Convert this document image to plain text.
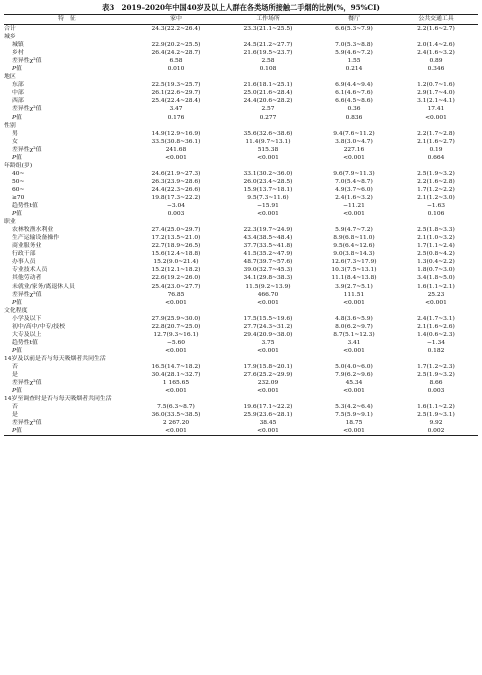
表3　2019–2020年中国40岁及以上人群在各类场所接触二手烟的比例(%，95%CI)
特　征	家中	工作场所	餐厅	公共交通工具
合计	24.3(22.2~26.4)	23.3(21.1~25.5)	6.6(5.3~7.9)	2.2(1.6~2.7)
城乡				
城镇	22.9(20.2~25.5)	24.5(21.2~27.7)	7.0(5.3~8.8)	2.0(1.4~2.6)
乡村	26.4(24.2~28.7)	21.6(19.5~23.7)	5.9(4.6~7.2)	2.4(1.6~3.2)
差异性χ²值	6.58	2.58	1.55	0.89
P值	0.010	0.108	0.214	0.346
地区				
东部	22.5(19.3~25.7)	21.6(18.1~25.1)	6.9(4.4~9.4)	1.2(0.7~1.6)
中部	26.1(22.6~29.7)	25.0(21.6~28.4)	6.1(4.6~7.6)	2.9(1.7~4.0)
西部	25.4(22.4~28.4)	24.4(20.6~28.2)	6.6(4.5~8.6)	3.1(2.1~4.1)
差异性χ²值	3.47	2.57	0.36	17.41
P值	0.176	0.277	0.836	<0.001
性别				
男	14.9(12.9~16.9)	35.6(32.6~38.6)	9.4(7.6~11.2)	2.2(1.7~2.8)
女	33.5(30.8~36.1)	11.4(9.7~13.1)	3.8(3.0~4.7)	2.1(1.6~2.7)
差异性χ²值	241.68	515.38	227.16	0.19
P值	<0.001	<0.001	<0.001	0.664
年龄组(岁)				
40~	24.6(21.9~27.3)	33.1(30.2~36.0)	9.6(7.9~11.3)	2.5(1.9~3.2)
50~	26.3(23.9~28.6)	26.0(23.4~28.5)	7.0(5.4~8.7)	2.2(1.6~2.8)
60~	24.4(22.3~26.6)	15.9(13.7~18.1)	4.9(3.7~6.0)	1.7(1.2~2.2)
≥70	19.8(17.3~22.2)	9.5(7.3~11.6)	2.4(1.6~3.2)	2.1(1.2~3.0)
趋势性t值	−3.04	−15.91	−11.21	−1.63
P值	0.003	<0.001	<0.001	0.106
职业				
农林牧渔水利业	27.4(25.0~29.7)	22.3(19.7~24.9)	5.9(4.7~7.2)	2.5(1.8~3.3)
生产运输设备操作	17.2(13.5~21.0)	43.4(38.5~48.4)	8.9(6.8~11.0)	2.1(1.0~3.2)
商业服务业	22.7(18.9~26.5)	37.7(33.5~41.8)	9.5(6.4~12.6)	1.7(1.1~2.4)
行政干部	15.6(12.4~18.8)	41.5(35.2~47.9)	9.0(3.8~14.3)	2.5(0.8~4.2)
办事人员	15.2(9.0~21.4)	48.7(39.7~57.6)	12.6(7.3~17.9)	1.3(0.4~2.2)
专业技术人员	15.2(12.1~18.2)	39.0(32.7~45.3)	10.3(7.5~13.1)	1.8(0.7~3.0)
其他劳动者	22.6(19.2~26.0)	34.1(29.8~38.3)	11.1(8.4~13.8)	3.4(1.8~5.0)
未就业/家务/离退休人员	25.4(23.0~27.7)	11.5(9.2~13.9)	3.9(2.7~5.1)	1.6(1.1~2.1)
差异性χ²值	76.85	466.70	111.51	25.23
P值	<0.001	<0.001	<0.001	<0.001
文化程度				
小学及以下	27.9(25.9~30.0)	17.5(15.5~19.6)	4.8(3.6~5.9)	2.4(1.7~3.1)
初中/高中/中专/技校	22.8(20.7~25.0)	27.7(24.3~31.2)	8.0(6.2~9.7)	2.1(1.6~2.6)
大专及以上	12.7(9.3~16.1)	29.4(20.9~38.0)	8.7(5.1~12.3)	1.4(0.6~2.3)
趋势性t值	−5.60	3.75	3.41	−1.34
P值	<0.001	<0.001	<0.001	0.182
14岁及以前是否与每天吸烟者共同生活				
否	16.5(14.7~18.2)	17.9(15.8~20.1)	5.0(4.0~6.0)	1.7(1.2~2.3)
是	30.4(28.1~32.7)	27.6(25.2~29.9)	7.9(6.2~9.6)	2.5(1.9~3.2)
差异性χ²值	1 165.65	232.09	45.34	8.66
P值	<0.001	<0.001	<0.001	0.003
14岁至调查时是否与每天吸烟者共同生活				
否	7.5(6.3~8.7)	19.6(17.1~22.2)	5.3(4.2~6.4)	1.6(1.1~2.2)
是	36.0(33.5~38.5)	25.9(23.6~28.1)	7.5(5.9~9.1)	2.5(1.9~3.1)
差异性χ²值	2 267.20	38.45	18.75	9.92
P值	<0.001	<0.001	<0.001	0.002
